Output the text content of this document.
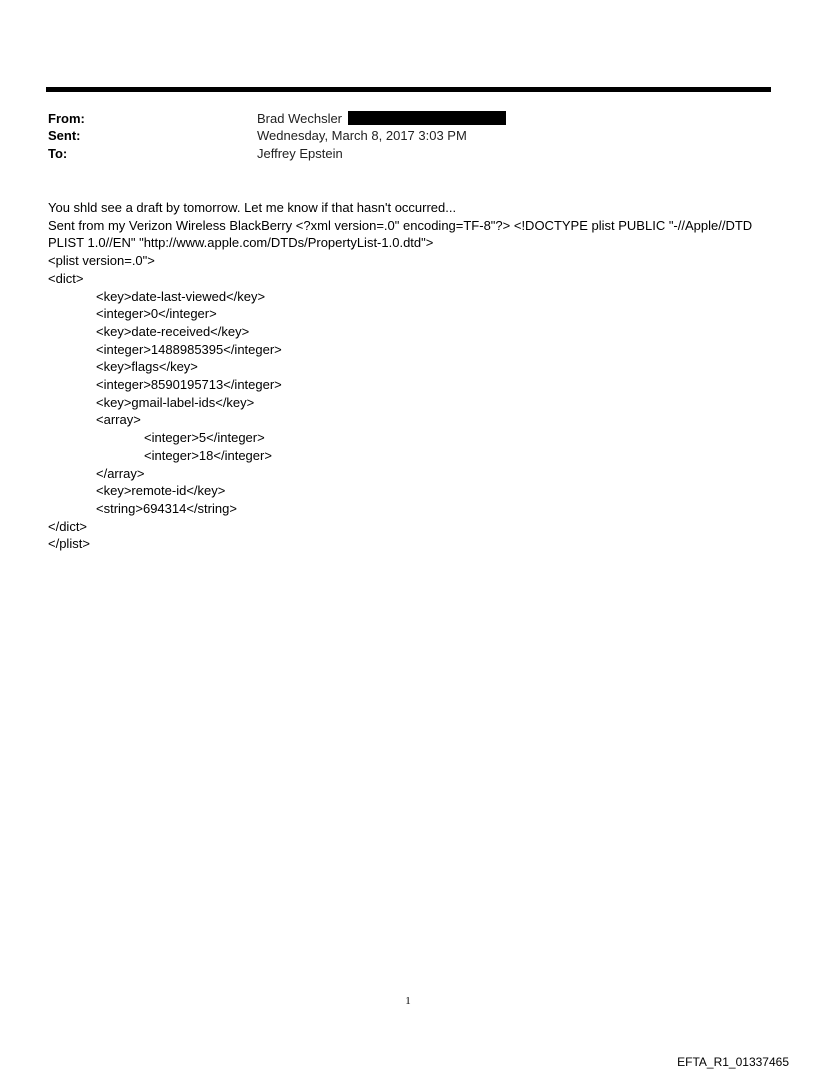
From:	Brad Wechsler
Sent:	Wednesday, March 8, 2017 3:03 PM
To:	Jeffrey Epstein
You shld see a draft by tomorrow. Let me know if that hasn't occurred...
Sent from my Verizon Wireless BlackBerry <?xml version=.0" encoding=TF-8"?> <!DOCTYPE plist PUBLIC "-//Apple//DTD
PLIST 1.0//EN" "http://www.apple.com/DTDs/PropertyList-1.0.dtd">
<plist version=.0">
<dict>
<key>date-last-viewed</key>
<integer>0</integer>
<key>date-received</key>
<integer>1488985395</integer>
<key>flags</key>
<integer>8590195713</integer>
<key>gmail-label-ids</key>
<array>
<integer>5</integer>
<integer>18</integer>
</array>
<key>remote-id</key>
<string>694314</string>
</dict>
</plist>
1
EFTA_R1_01337465
